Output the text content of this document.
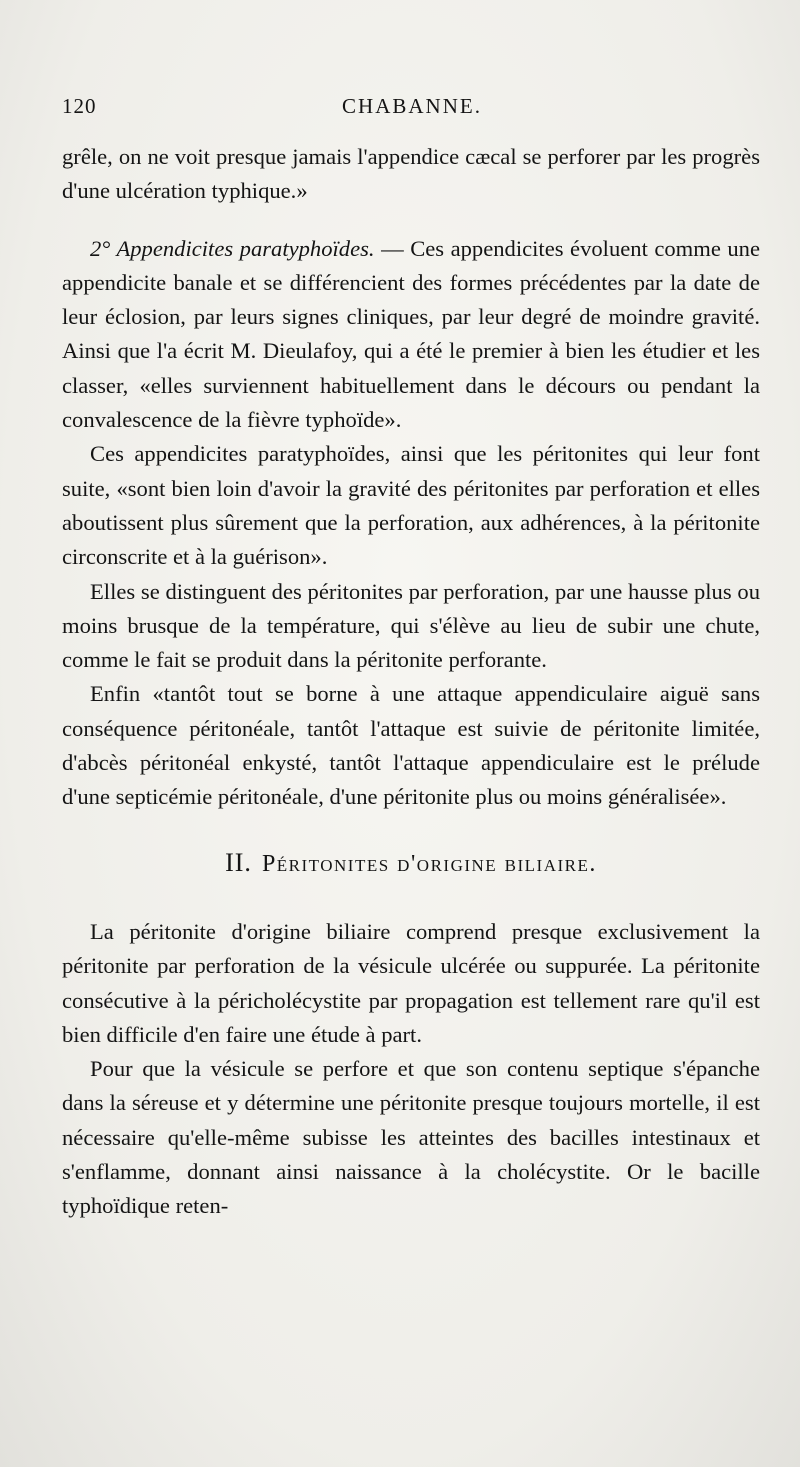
120	CHABANNE.

grêle, on ne voit presque jamais l'appendice cæcal se perforer par les progrès d'une ulcération typhique.»

2° Appendicites paratyphoïdes. — Ces appendicites évoluent comme une appendicite banale et se différencient des formes précédentes par la date de leur éclosion, par leurs signes cliniques, par leur degré de moindre gravité. Ainsi que l'a écrit M. Dieulafoy, qui a été le premier à bien les étudier et les classer, «elles surviennent habituellement dans le décours ou pendant la convalescence de la fièvre typhoïde».

Ces appendicites paratyphoïdes, ainsi que les péritonites qui leur font suite, «sont bien loin d'avoir la gravité des péritonites par perforation et elles aboutissent plus sûrement que la perforation, aux adhérences, à la péritonite circonscrite et à la guérison».

Elles se distinguent des péritonites par perforation, par une hausse plus ou moins brusque de la température, qui s'élève au lieu de subir une chute, comme le fait se produit dans la péritonite perforante.

Enfin «tantôt tout se borne à une attaque appendiculaire aiguë sans conséquence péritonéale, tantôt l'attaque est suivie de péritonite limitée, d'abcès péritonéal enkysté, tantôt l'attaque appendiculaire est le prélude d'une septicémie péritonéale, d'une péritonite plus ou moins généralisée».

II. Péritonites d'origine biliaire.

La péritonite d'origine biliaire comprend presque exclusivement la péritonite par perforation de la vésicule ulcérée ou suppurée. La péritonite consécutive à la péricholécystite par propagation est tellement rare qu'il est bien difficile d'en faire une étude à part.

Pour que la vésicule se perfore et que son contenu septique s'épanche dans la séreuse et y détermine une péritonite presque toujours mortelle, il est nécessaire qu'elle-même subisse les atteintes des bacilles intestinaux et s'enflamme, donnant ainsi naissance à la cholécystite. Or le bacille typhoïdique reten-
